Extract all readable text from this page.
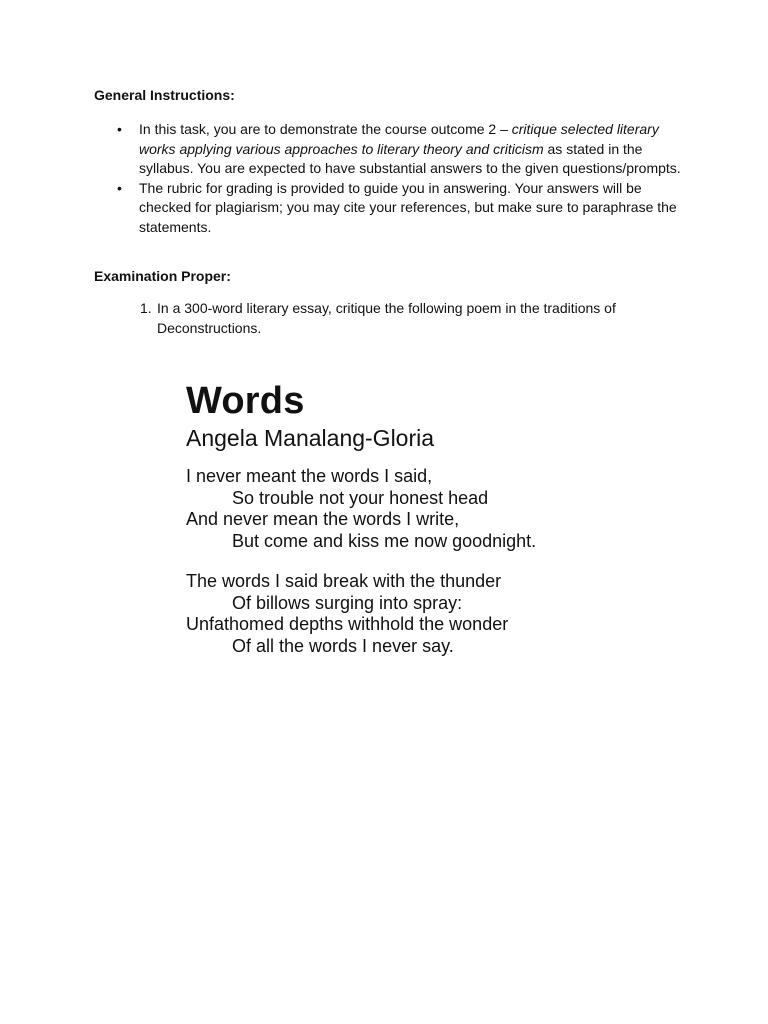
General Instructions:
• In this task, you are to demonstrate the course outcome 2 – critique selected literary works applying various approaches to literary theory and criticism as stated in the syllabus. You are expected to have substantial answers to the given questions/prompts.
• The rubric for grading is provided to guide you in answering. Your answers will be checked for plagiarism; you may cite your references, but make sure to paraphrase the statements.
Examination Proper:
1. In a 300-word literary essay, critique the following poem in the traditions of Deconstructions.
Words
Angela Manalang-Gloria
I never meant the words I said,
So trouble not your honest head
And never mean the words I write,
But come and kiss me now goodnight.
The words I said break with the thunder
Of billows surging into spray:
Unfathomed depths withhold the wonder
Of all the words I never say.
